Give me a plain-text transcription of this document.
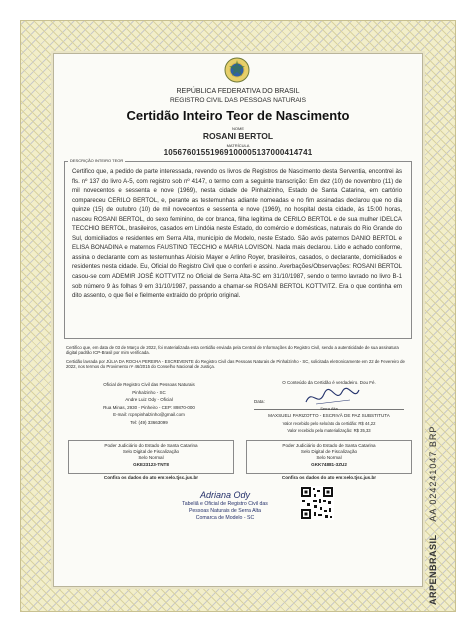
REPÚBLICA FEDERATIVA DO BRASIL
REGISTRO CIVIL DAS PESSOAS NATURAIS
Certidão Inteiro Teor de Nascimento
NOME
ROSANI BERTOL
MATRÍCULA
10567601551969100005137000414741
DESCRIÇÃO INTEIRO TEOR
Certifico que, a pedido de parte interessada, revendo os livros de Registros de Nascimento desta Serventia, encontrei às fls. nº 137 do livro A-5, com registro sob nº 4147, o termo com a seguinte transcrição: Em dez (10) de novembro (11) de mil novecentos e sessenta e nove (1969), nesta cidade de Pinhalzinho, Estado de Santa Catarina, em cartório compareceu CERILO BERTOL, e, perante as testemunhas adiante nomeadas e no fim assinadas declarou que no dia quinze (15) de outubro (10) de mil novecentos e sessenta e nove (1969), no hospital desta cidade, às 15:00 horas, nasceu ROSANI BERTOL, do sexo feminino, de cor branca, filha legítima de CERILO BERTOL e de sua mulher IDELCA TECCHIO BERTOL, brasileiros, casados em Lindóia neste Estado, do comércio e domésticas, naturais do Rio Grande do Sul, domiciliados e residentes em Serra Alta, município de Modelo, neste Estado. São avós paternos DANIO BERTOL e ELISA BONADINA e maternos FAUSTINO TECCHIO e MARIA LOVISON. Nada mais declarou. Lido e achado conforme, assina o declarante com as testemunhas Aloisio Mayer e Arlino Royer, brasileiros, casados, o declarante, domiciliados e residentes nesta cidade. Eu, Oficial do Registro Civil que o conferi e assino. Averbações/Observações: ROSANI BERTOL casou-se com ADEMIR JOSÉ KOTTVITZ no Oficial de Serra Alta-SC em 31/10/1987, sendo o termo lavrado no livro B-1 sob número 9 às folhas 9 em 31/10/1987, passando a chamar-se ROSANI BERTOL KOTTVITZ. Era o que continha em dito assento, o que fiel e fielmente extraído do próprio original.
Certifico que, em data de 03 de Março de 2022, foi materializada esta certidão enviada pela Central de Informações do Registro Civil, sendo a autenticidade de sua assinatura digital padrão ICP-Brasil por mim verificada.
Certidão lavrada por JÚLIA DA ROCHA PEREIRA - ESCREVENTE do Registro Civil das Pessoas Naturais de Pinhalzinho - SC, solicitada eletronicamente em 22 de Fevereiro de 2022, nos termos do Provimento nº 46/2015 do Conselho Nacional de Justiça.
Oficial de Registro Civil das Pessoas Naturais
Pinhalzinho - SC
Andre Luiz Ody - Oficial
Rua Minas, 2930 - Pinheiro - CEP: 89870-000
E-mail: rcpnpinhalzinho@gmail.com
Tel: (49) 33663099
O Conteúdo da Certidão é verdadeiro. Dou Fé.
Data:
Serra Alta
MAXSUELI PARIZOTTO - ESCRIVÃ DE PAZ SUBSTITUTA
Valor recebido pelo selo/ato da certidão: R$ 44,22
Valor recebido pela materialização: R$ 35,33
Poder Judiciário do Estado de Santa Catarina
Selo Digital de Fiscalização
Selo Normal
GKE23123-TNT8
Confira os dados do ato em:selo.tjsc.jus.br
Poder Judiciário do Estado de Santa Catarina
Selo Digital de Fiscalização
Selo Normal
GKK74881-3ZU2
Confira os dados do ato em:selo.tjsc.jus.br
Adriana Ody
Tabeliã e Oficial de Registro Civil das
Pessoas Naturais de Serra Alta
Comarca de Modelo - SC
ARPENBRASIL AA 024241047 BRP
